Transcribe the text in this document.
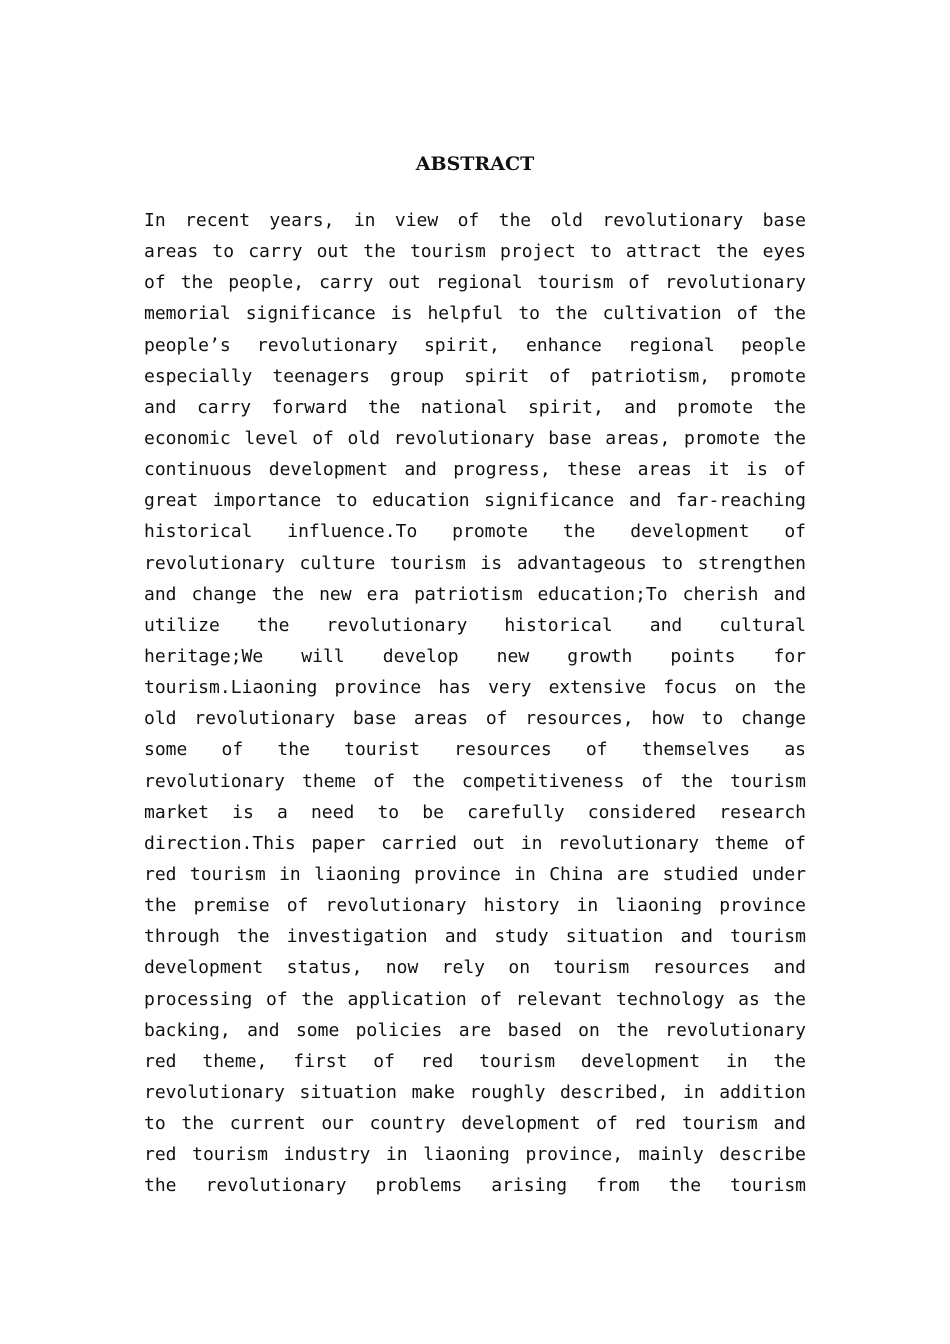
ABSTRACT
In recent years, in view of the old revolutionary base
areas to carry out the tourism project to attract the eyes
of the people, carry out regional tourism of revolutionary
memorial significance is helpful to the cultivation of the
people’s revolutionary spirit, enhance regional people
especially teenagers group spirit of patriotism, promote
and carry forward the national spirit, and promote the
economic level of old revolutionary base areas, promote the
continuous development and progress, these areas it is of
great importance to education significance and far-reaching
historical influence.To promote the development of
revolutionary culture tourism is advantageous to strengthen
and change the new era patriotism education;To cherish and
utilize the revolutionary historical and cultural
heritage;We will develop new growth points for
tourism.Liaoning province has very extensive focus on the
old revolutionary base areas of resources, how to change
some of the tourist resources of themselves as
revolutionary theme of the competitiveness of the tourism
market is a need to be carefully considered research
direction.This paper carried out in revolutionary theme of
red tourism in liaoning province in China are studied under
the premise of revolutionary history in liaoning province
through the investigation and study situation and tourism
development status, now rely on tourism resources and
processing of the application of relevant technology as the
backing, and some policies are based on the revolutionary
red theme, first of red tourism development in the
revolutionary situation make roughly described, in addition
to the current our country development of red tourism and
red tourism industry in liaoning province, mainly describe
the revolutionary problems arising from the tourism
